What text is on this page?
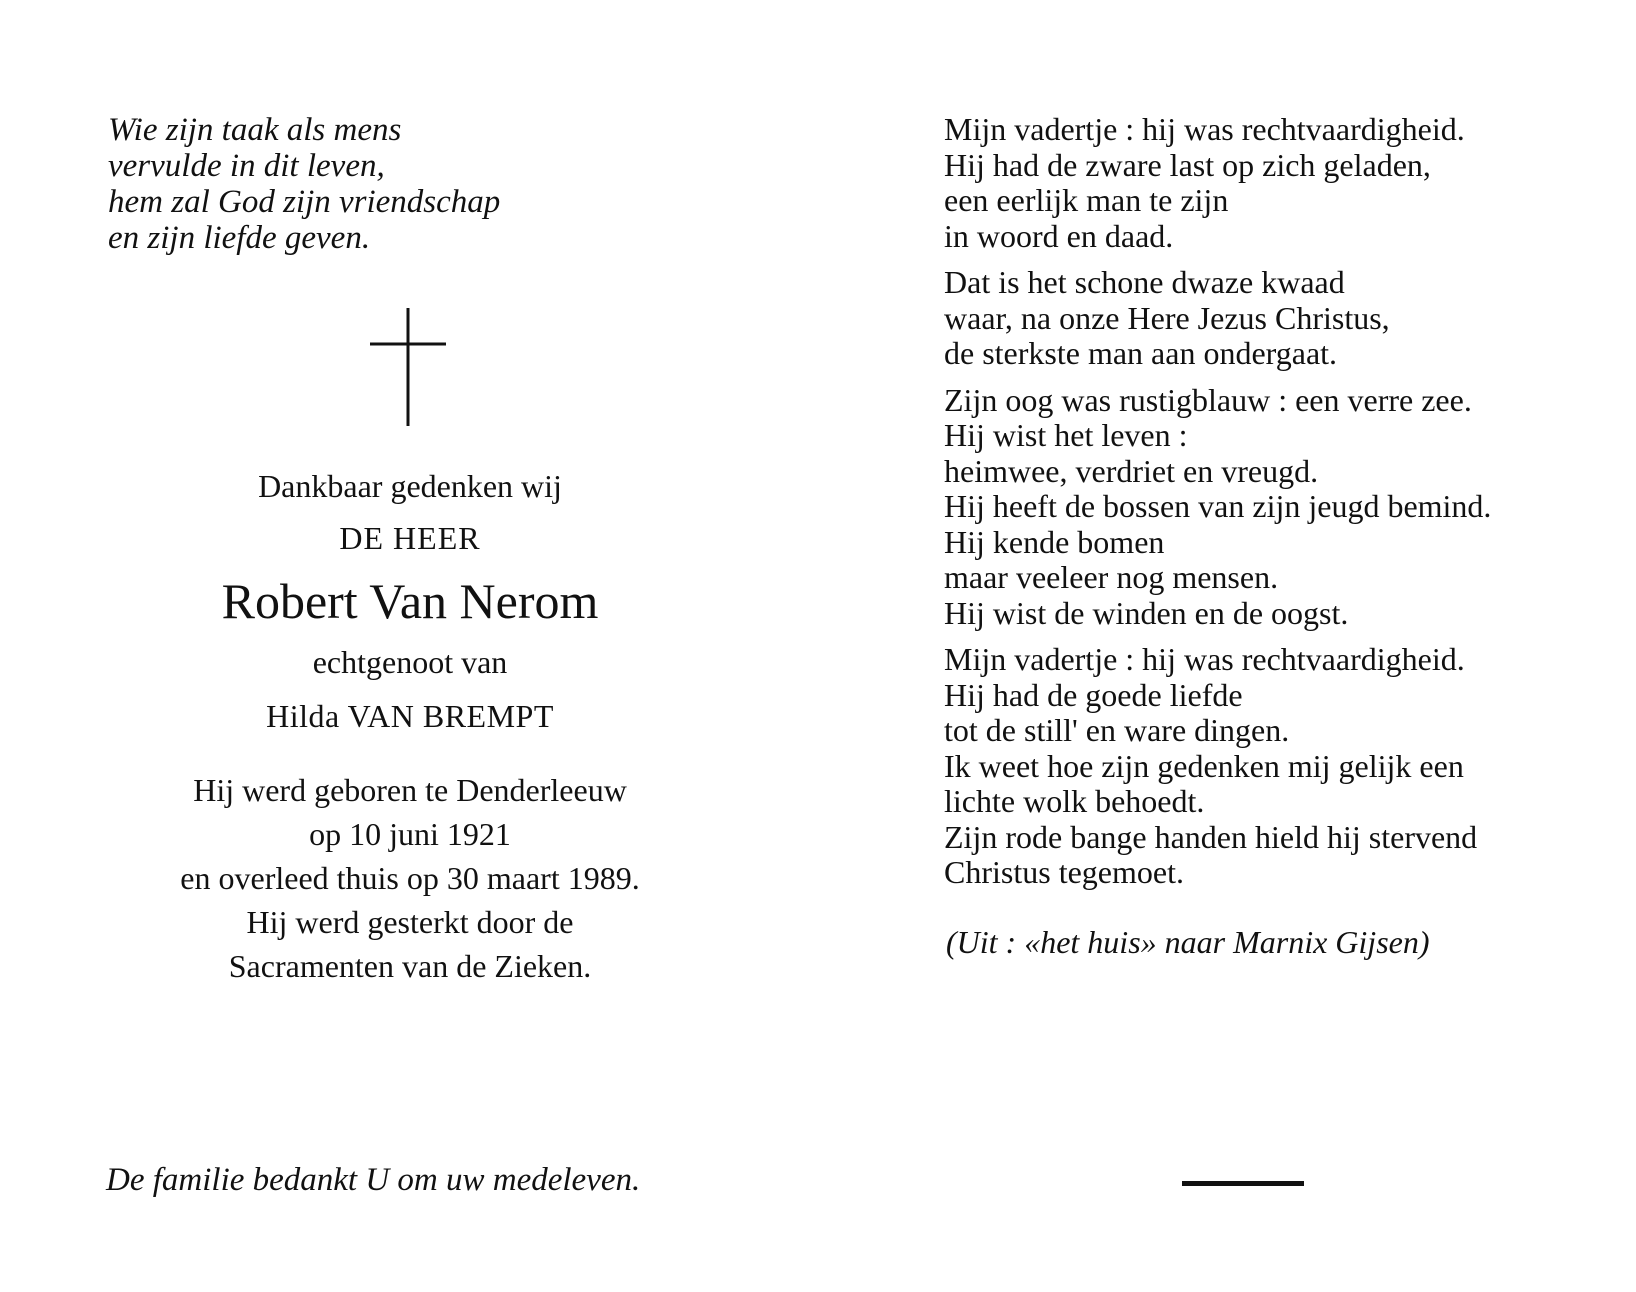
Wie zijn taak als mens
vervulde in dit leven,
hem zal God zijn vriendschap
en zijn liefde geven.
Dankbaar gedenken wij
DE HEER
Robert Van Nerom
echtgenoot van
Hilda VAN BREMPT
Hij werd geboren te Denderleeuw
op 10 juni 1921
en overleed thuis op 30 maart 1989.
Hij werd gesterkt door de
Sacramenten van de Zieken.
Mijn vadertje : hij was rechtvaardigheid.
Hij had de zware last op zich geladen,
een eerlijk man te zijn
in woord en daad.
Dat is het schone dwaze kwaad
waar, na onze Here Jezus Christus,
de sterkste man aan ondergaat.
Zijn oog was rustigblauw : een verre zee.
Hij wist het leven :
heimwee, verdriet en vreugd.
Hij heeft de bossen van zijn jeugd bemind.
Hij kende bomen
maar veeleer nog mensen.
Hij wist de winden en de oogst.
Mijn vadertje : hij was rechtvaardigheid.
Hij had de goede liefde
tot de still' en ware dingen.
Ik weet hoe zijn gedenken mij gelijk een
lichte wolk behoedt.
Zijn rode bange handen hield hij stervend
Christus tegemoet.
(Uit : «het huis» naar Marnix Gijsen)
De familie bedankt U om uw medeleven.
